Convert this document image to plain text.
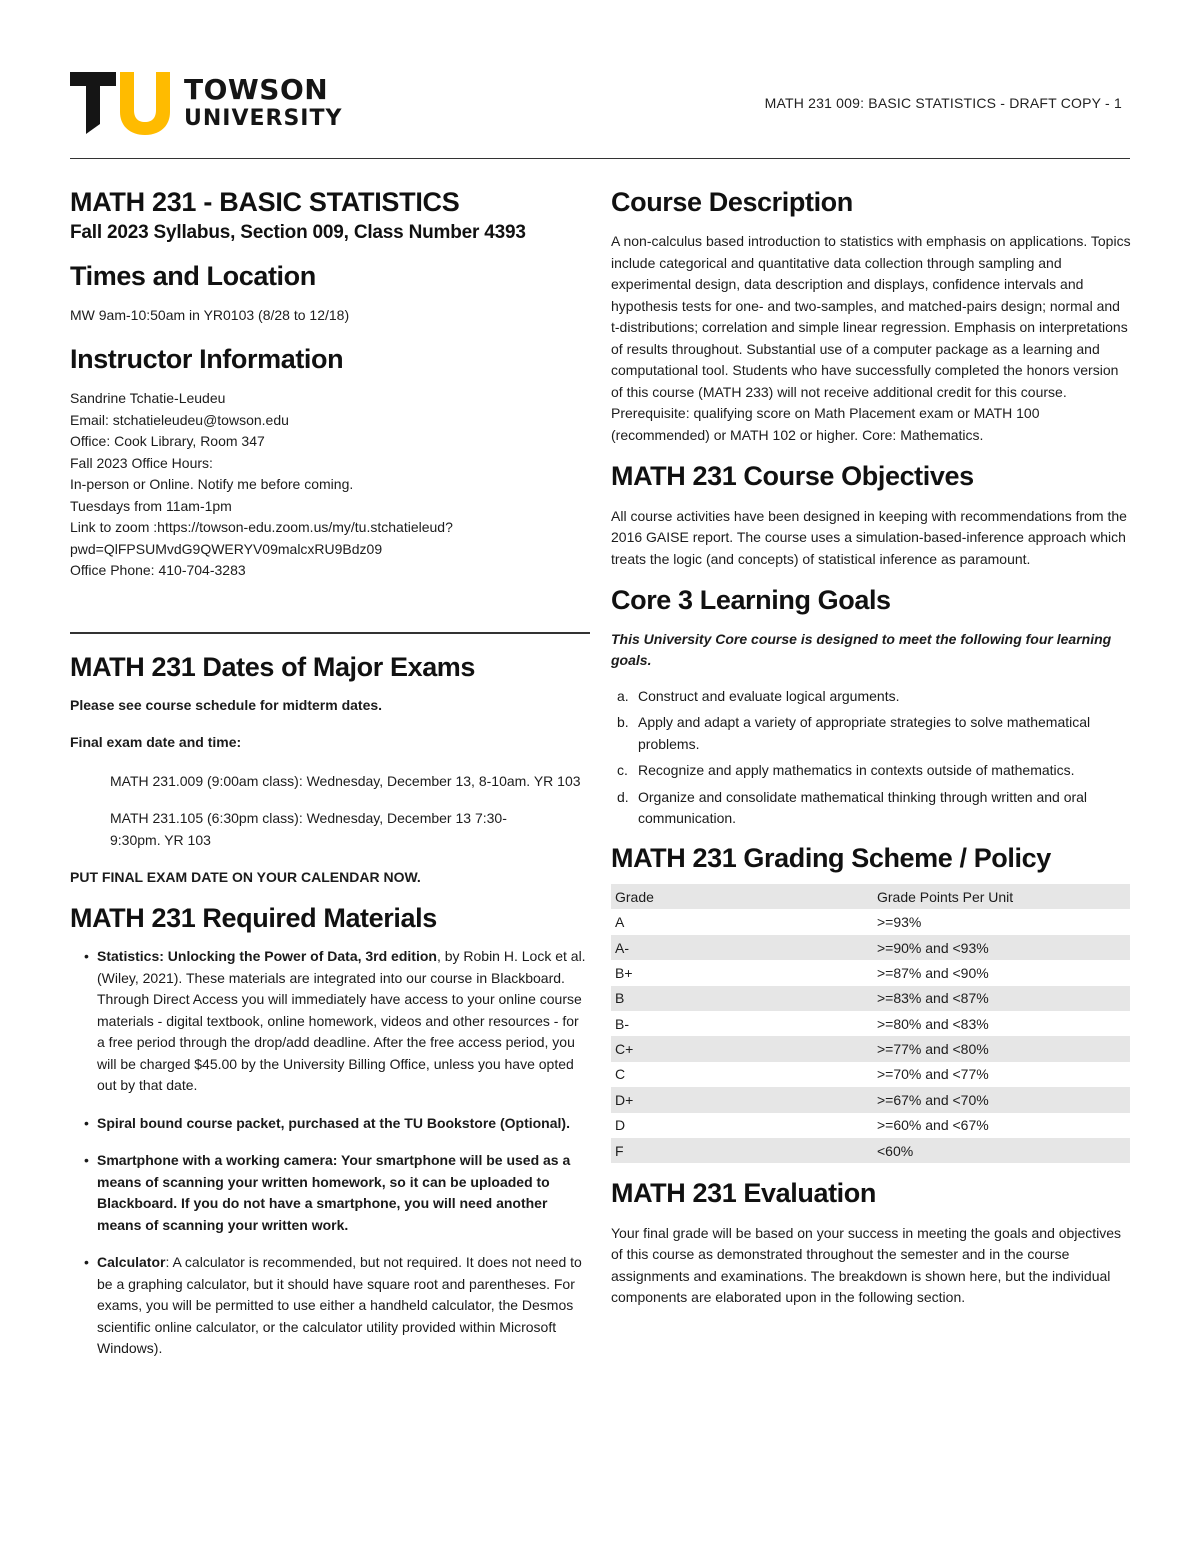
TOWSON
UNIVERSITY
MATH 231 009: BASIC STATISTICS - DRAFT COPY - 1
MATH 231 - BASIC STATISTICS
Fall 2023 Syllabus, Section 009, Class Number 4393
Times and Location

MW 9am-10:50am in YR0103 (8/28 to 12/18)

Instructor Information
Sandrine Tchatie-Leudeu
Email: stchatieleudeu@towson.edu
Office: Cook Library, Room 347
Fall 2023 Office Hours:
In-person or Online. Notify me before coming.
Tuesdays from 11am-1pm
Link to zoom :https://towson-edu.zoom.us/my/tu.stchatieleud?
pwd=QlFPSUMvdG9QWERYV09malcxRU9Bdz09
Office Phone: 410-704-3283
MATH 231 Dates of Major Exams

Please see course schedule for midterm dates.

Final exam date and time:

MATH 231.009 (9:00am class): Wednesday, December 13, 8-10am. YR 103

MATH 231.105 (6:30pm class): Wednesday, December 13 7:30-9:30pm. YR 103

PUT FINAL EXAM DATE ON YOUR CALENDAR NOW.

MATH 231 Required Materials
• Statistics: Unlocking the Power of Data, 3rd edition, by Robin H. Lock et al. (Wiley, 2021). These materials are integrated into our course in Blackboard. Through Direct Access you will immediately have access to your online course materials - digital textbook, online homework, videos and other resources - for a free period through the drop/add deadline. After the free access period, you will be charged $45.00 by the University Billing Office, unless you have opted out by that date.
• Spiral bound course packet, purchased at the TU Bookstore (Optional).
• Smartphone with a working camera: Your smartphone will be used as a means of scanning your written homework, so it can be uploaded to Blackboard. If you do not have a smartphone, you will need another means of scanning your written work.
• Calculator: A calculator is recommended, but not required. It does not need to be a graphing calculator, but it should have square root and parentheses. For exams, you will be permitted to use either a handheld calculator, the Desmos scientific online calculator, or the calculator utility provided within Microsoft Windows).
Course Description

A non-calculus based introduction to statistics with emphasis on applications. Topics include categorical and quantitative data collection through sampling and experimental design, data description and displays, confidence intervals and hypothesis tests for one- and two-samples, and matched-pairs design; normal and t-distributions; correlation and simple linear regression. Emphasis on interpretations of results throughout. Substantial use of a computer package as a learning and computational tool. Students who have successfully completed the honors version of this course (MATH 233) will not receive additional credit for this course. Prerequisite: qualifying score on Math Placement exam or MATH 100 (recommended) or MATH 102 or higher. Core: Mathematics.

MATH 231 Course Objectives

All course activities have been designed in keeping with recommendations from the 2016 GAISE report. The course uses a simulation-based-inference approach which treats the logic (and concepts) of statistical inference as paramount.

Core 3 Learning Goals

This University Core course is designed to meet the following four learning goals.

a. Construct and evaluate logical arguments.
b. Apply and adapt a variety of appropriate strategies to solve mathematical problems.
c. Recognize and apply mathematics in contexts outside of mathematics.
d. Organize and consolidate mathematical thinking through written and oral communication.
MATH 231 Grading Scheme / Policy
Grade	Grade Points Per Unit
A	>=93%
A-	>=90% and <93%
B+	>=87% and <90%
B	>=83% and <87%
B-	>=80% and <83%
C+	>=77% and <80%
C	>=70% and <77%
D+	>=67% and <70%
D	>=60% and <67%
F	<60%
MATH 231 Evaluation

Your final grade will be based on your success in meeting the goals and objectives of this course as demonstrated throughout the semester and in the course assignments and examinations. The breakdown is shown here, but the individual components are elaborated upon in the following section.
